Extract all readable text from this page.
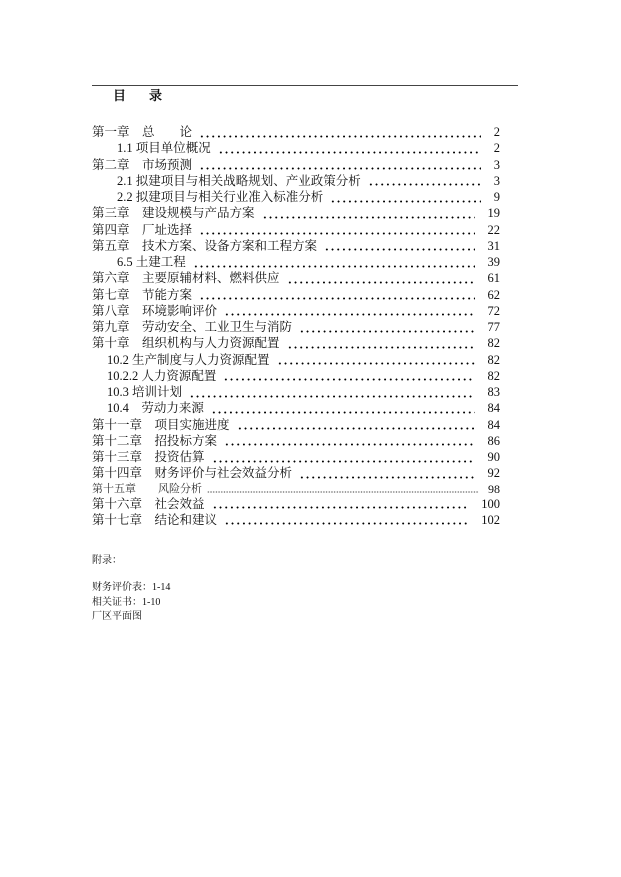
目　录
第一章　总　　论	2
1.1 项目单位概况	2
第二章　市场预测	3
2.1 拟建项目与相关战略规划、产业政策分析	3
2.2 拟建项目与相关行业准入标准分析	9
第三章　建设规模与产品方案	19
第四章　厂址选择	22
第五章　技术方案、设备方案和工程方案	31
6.5 土建工程	39
第六章　主要原辅材料、燃料供应	61
第七章　节能方案	62
第八章　环境影响评价	72
第九章　劳动安全、工业卫生与消防	77
第十章　组织机构与人力资源配置	82
10.2 生产制度与人力资源配置	82
10.2.2 人力资源配置	82
10.3 培训计划	83
10.4　劳动力来源	84
第十一章　项目实施进度	84
第十二章　招投标方案	86
第十三章　投资估算	90
第十四章　财务评价与社会效益分析	92
第十五章　　风险分析	98
第十六章　社会效益	100
第十七章　结论和建议	102
附录：
财务评价表：1-14
相关证书：1-10
厂区平面图
